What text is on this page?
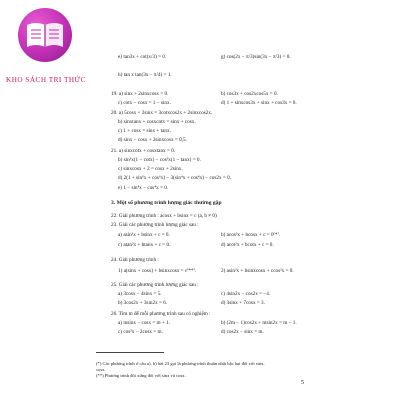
KHO SÁCH TRI THỨC
e) tan3x + cot(x/3) = 0.	g) cos(2x − π/3)sin(3x − π/3) = 0.
h) tan x tan(3x − π/4) = 1.
19. a) sinx + 2sinxcosx = 0.	b) cos3x + cos2xcos5x = 0.
c) cotx − cosx = 1 − sinx.	d) 1 + sinxcos3x + sinx + cos3x = 0.
20. a) 5cosx + 2sinx = 3cotxcos2x + 2sinxcos2x.
b) sinxtanx + cosxcotx = sinx + cosx.
c) 1 + cosx = sinx + tanx.
d) sinx − cosx + 2sinxcosx = 0,5.
21. a) sinxcotx + cosxtanx = 0.
b) sin³x(1 − cotx) − cos³x(1 − tanx) = 0.
c) sinxcosx + 2 = cosx + 2sinx.
d) 2(1 + sin⁶x + cos⁶x) − 3(sin⁴x + cos⁴x) − cos2x = 0.
e) 1 − sin⁴x − cos⁴x = 0.
3. Một số phương trình lượng giác thường gặp
22. Giải phương trình : acosx + bsinx = c (a, b ≠ 0)
23. Giải các phương trình lượng giác sau :
a) asin²x + bsinx + c = 0.	b) acos²x + bcosx + c = 0⁽*⁾.
c) atan²x + btanx + c = 0.	d) acot²x + bcotx + c = 0.
24. Giải phương trình :
1) a(sinx + cosx) + bsinxcosx = c⁽**⁾.	2) asin²x + bsinxcosx + ccos²x = 0.
25. Giải các phương trình lượng giác sau :
a) 3cosx − 4sinx = 5.	c) 4sin2x − cos2x = −4.
b) 3cos2x + 3sin2x = 6.	d) 3sinx + 7cosx = 3.
26. Tìm m để mỗi phương trình sau có nghiệm :
a) msinx − cosx = m + 1.	b) (2m − 1)cos2x + msin2x = m − 1.
c) cos²x − 2cosx = m.	d) cos2x − sinx = m.
(*) Các phương trình ở câu a), b) bài 23 gọi là phương trình thuần nhất bậc hai đối với sinx,
cosx.
(**) Phương trình đối xứng đối với sinx và cosx.
5
